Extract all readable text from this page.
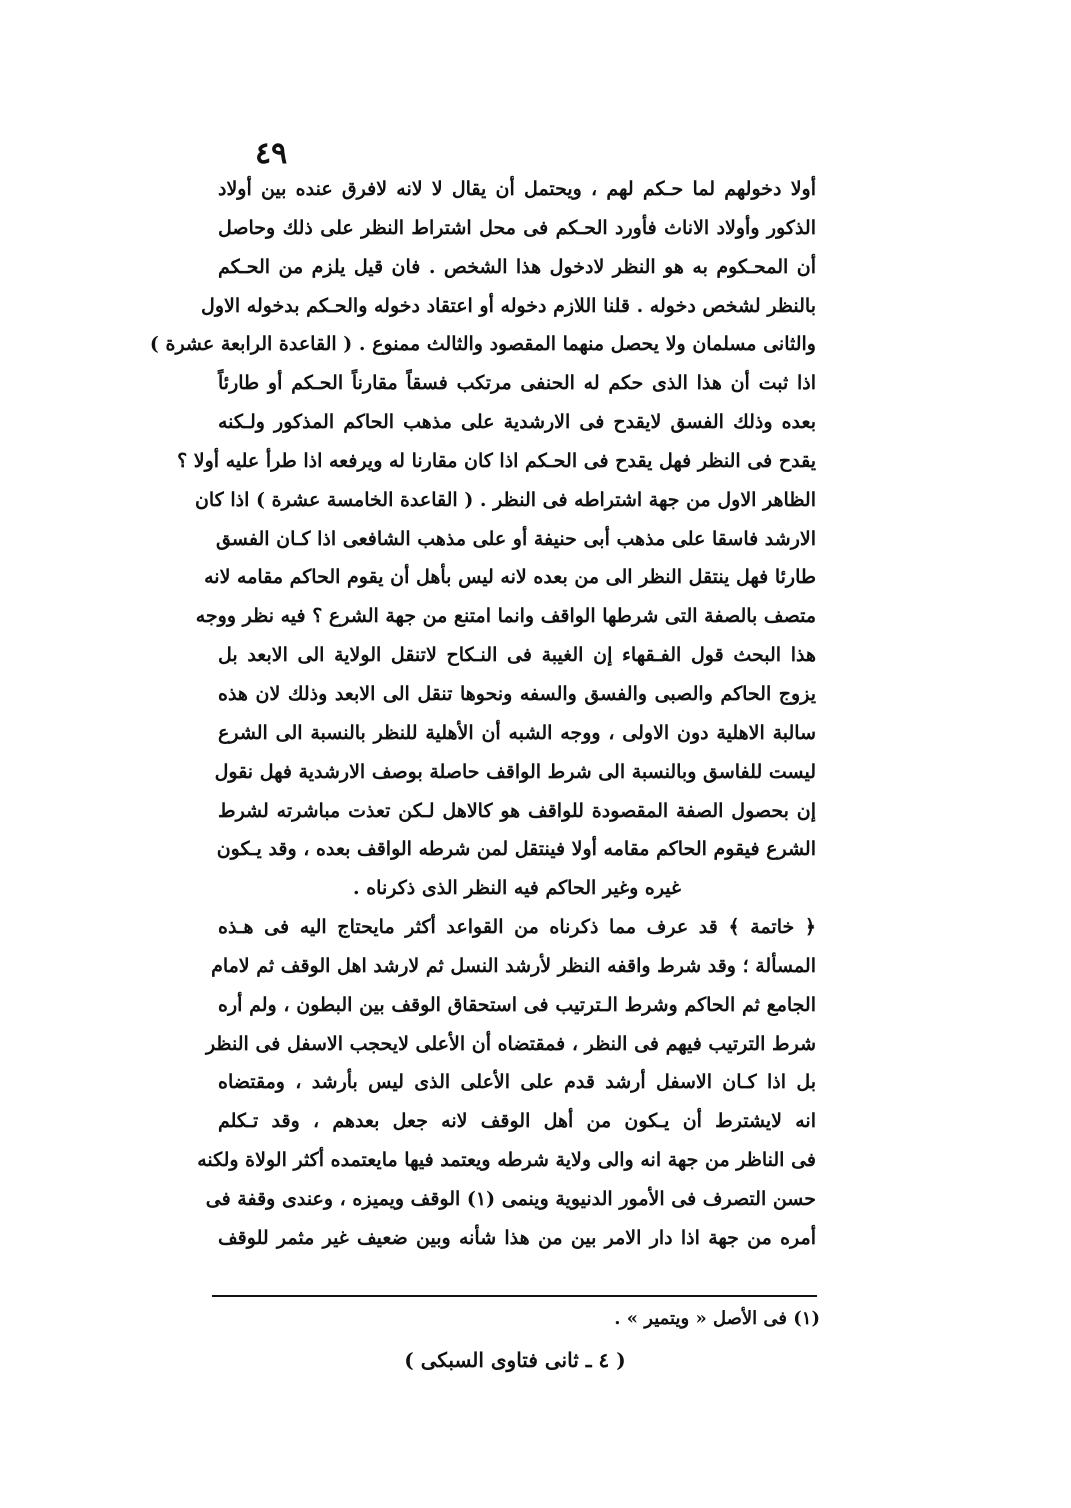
٤٩
أولا دخولهم لما حـكم لهم ، ويحتمل أن يقال لا لانه لافرق عنده بين أولاد
الذكور وأولاد الاناث فأورد الحـكم فى محل اشتراط النظر على ذلك وحاصل
أن المحـكوم به هو النظر لادخول هذا الشخص . فان قيل يلزم من الحـكم
بالنظر لشخص دخوله . قلنا اللازم دخوله أو اعتقاد دخوله والحـكم بدخوله الاول
والثانى مسلمان ولا يحصل منهما المقصود والثالث ممنوع . ( القاعدة الرابعة عشرة )
اذا ثبت أن هذا الذى حكم له الحنفى مرتكب فسقاً مقارناً الحـكم أو طارئاً
بعده وذلك الفسق لايقدح فى الارشدية على مذهب الحاكم المذكور ولـكنه
يقدح فى النظر فهل يقدح فى الحـكم اذا كان مقارنا له ويرفعه اذا طرأ عليه أولا ؟
الظاهر الاول من جهة اشتراطه فى النظر . ( القاعدة الخامسة عشرة ) اذا كان
الارشد فاسقا على مذهب أبى حنيفة أو على مذهب الشافعى اذا كـان الفسق
طارئا فهل ينتقل النظر الى من بعده لانه ليس بأهل أن يقوم الحاكم مقامه لانه
متصف بالصفة التى شرطها الواقف وانما امتنع من جهة الشرع ؟ فيه نظر ووجه
هذا البحث قول الفـقهاء إن الغيبة فى النـكاح لاتنقل الولاية الى الابعد بل
يزوج الحاكم والصبى والفسق والسفه ونحوها تنقل الى الابعد وذلك لان هذه
سالبة الاهلية دون الاولى ، ووجه الشبه أن الأهلية للنظر بالنسبة الى الشرع
ليست للفاسق وبالنسبة الى شرط الواقف حاصلة بوصف الارشدية فهل نقول
إن بحصول الصفة المقصودة للواقف هو كالاهل لـكن تعذت مباشرته لشرط
الشرع فيقوم الحاكم مقامه أولا فينتقل لمن شرطه الواقف بعده ، وقد يـكون
غيره وغير الحاكم فيه النظر الذى ذكرناه .
﴿ خاتمة ﴾ قد عرف مما ذكرناه من القواعد أكثر مايحتاج اليه فى هـذه
المسألة ؛ وقد شرط واقفه النظر لأرشد النسل ثم لارشد اهل الوقف ثم لامام
الجامع ثم الحاكم وشرط الـترتيب فى استحقاق الوقف بين البطون ، ولم أره
شرط الترتيب فيهم فى النظر ، فمقتضاه أن الأعلى لايحجب الاسفل فى النظر
بل اذا كـان الاسفل أرشد قدم على الأعلى الذى ليس بأرشد ، ومقتضاه
انه لايشترط أن يـكون من أهل الوقف لانه جعل بعدهم ، وقد تـكلم
فى الناظر من جهة انه والى ولاية شرطه ويعتمد فيها مايعتمده أكثر الولاة ولكنه
حسن التصرف فى الأمور الدنيوية وينمى (١) الوقف ويميزه ، وعندى وقفة فى
أمره من جهة اذا دار الامر بين من هذا شأنه وبين ضعيف غير مثمر للوقف
(١) فى الأصل « ويتمير » .
( ٤ ـ ثانى فتاوى السبكى )
